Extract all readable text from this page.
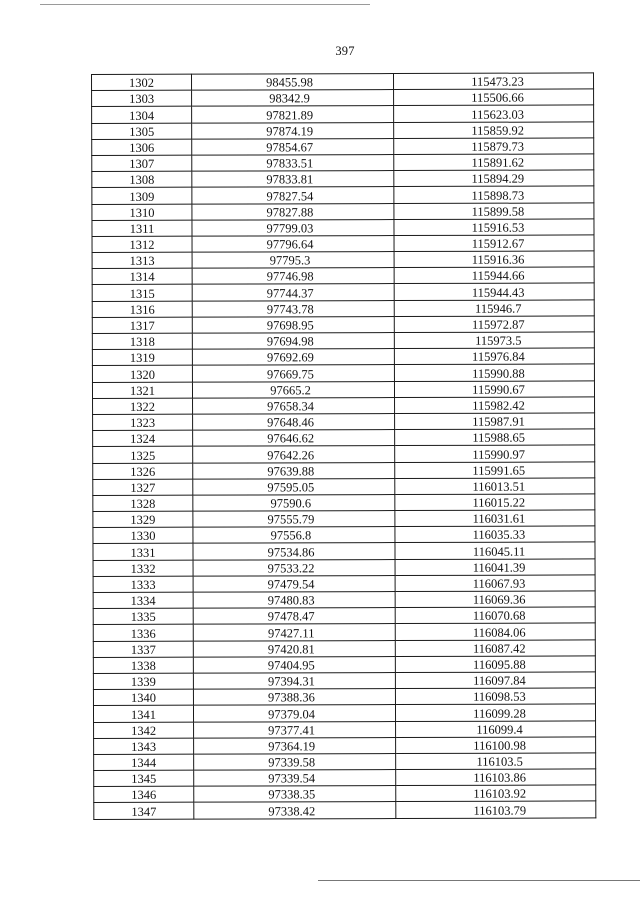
397
1302	98455.98	115473.23
1303	98342.9	115506.66
1304	97821.89	115623.03
1305	97874.19	115859.92
1306	97854.67	115879.73
1307	97833.51	115891.62
1308	97833.81	115894.29
1309	97827.54	115898.73
1310	97827.88	115899.58
1311	97799.03	115916.53
1312	97796.64	115912.67
1313	97795.3	115916.36
1314	97746.98	115944.66
1315	97744.37	115944.43
1316	97743.78	115946.7
1317	97698.95	115972.87
1318	97694.98	115973.5
1319	97692.69	115976.84
1320	97669.75	115990.88
1321	97665.2	115990.67
1322	97658.34	115982.42
1323	97648.46	115987.91
1324	97646.62	115988.65
1325	97642.26	115990.97
1326	97639.88	115991.65
1327	97595.05	116013.51
1328	97590.6	116015.22
1329	97555.79	116031.61
1330	97556.8	116035.33
1331	97534.86	116045.11
1332	97533.22	116041.39
1333	97479.54	116067.93
1334	97480.83	116069.36
1335	97478.47	116070.68
1336	97427.11	116084.06
1337	97420.81	116087.42
1338	97404.95	116095.88
1339	97394.31	116097.84
1340	97388.36	116098.53
1341	97379.04	116099.28
1342	97377.41	116099.4
1343	97364.19	116100.98
1344	97339.58	116103.5
1345	97339.54	116103.86
1346	97338.35	116103.92
1347	97338.42	116103.79
